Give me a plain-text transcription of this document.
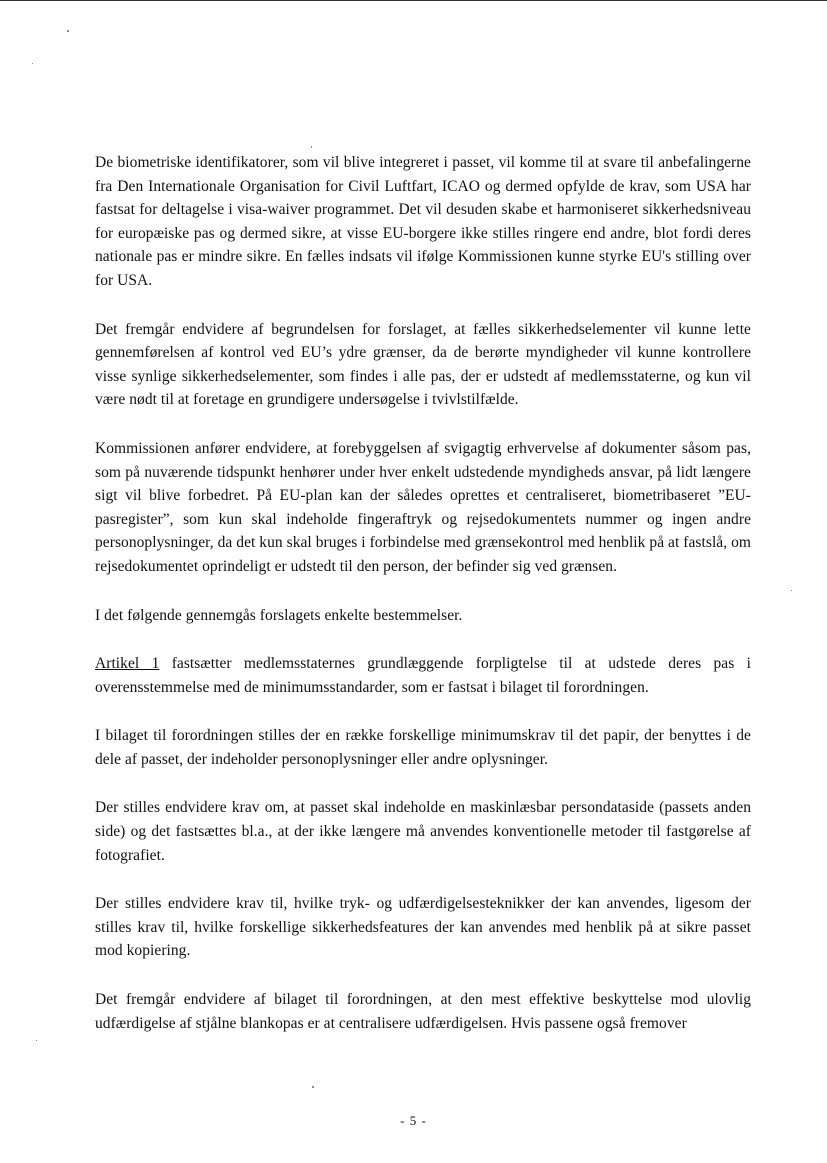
De biometriske identifikatorer, som vil blive integreret i passet, vil komme til at svare til anbefalingerne fra Den Internationale Organisation for Civil Luftfart, ICAO og dermed opfylde de krav, som USA har fastsat for deltagelse i visa-waiver programmet. Det vil desuden skabe et harmoniseret sikkerhedsniveau for europæiske pas og dermed sikre, at visse EU-borgere ikke stilles ringere end andre, blot fordi deres nationale pas er mindre sikre. En fælles indsats vil ifølge Kommissionen kunne styrke EU's stilling over for USA.

Det fremgår endvidere af begrundelsen for forslaget, at fælles sikkerhedselementer vil kunne lette gennemførelsen af kontrol ved EU’s ydre grænser, da de berørte myndigheder vil kunne kontrollere visse synlige sikkerhedselementer, som findes i alle pas, der er udstedt af medlemsstaterne, og kun vil være nødt til at foretage en grundigere undersøgelse i tvivlstilfælde.

Kommissionen anfører endvidere, at forebyggelsen af svigagtig erhvervelse af dokumenter såsom pas, som på nuværende tidspunkt henhører under hver enkelt udstedende myndigheds ansvar, på lidt længere sigt vil blive forbedret. På EU-plan kan der således oprettes et centraliseret, biometribaseret ”EU-pasregister”, som kun skal indeholde fingeraftryk og rejsedokumentets nummer og ingen andre personoplysninger, da det kun skal bruges i forbindelse med grænsekontrol med henblik på at fastslå, om rejsedokumentet oprindeligt er udstedt til den person, der befinder sig ved grænsen.

I det følgende gennemgås forslagets enkelte bestemmelser.

Artikel 1 fastsætter medlemsstaternes grundlæggende forpligtelse til at udstede deres pas i overensstemmelse med de minimumsstandarder, som er fastsat i bilaget til forordningen.

I bilaget til forordningen stilles der en række forskellige minimumskrav til det papir, der benyttes i de dele af passet, der indeholder personoplysninger eller andre oplysninger.

Der stilles endvidere krav om, at passet skal indeholde en maskinlæsbar persondataside (passets anden side) og det fastsættes bl.a., at der ikke længere må anvendes konventionelle metoder til fastgørelse af fotografiet.

Der stilles endvidere krav til, hvilke tryk- og udfærdigelsesteknikker der kan anvendes, ligesom der stilles krav til, hvilke forskellige sikkerhedsfeatures der kan anvendes med henblik på at sikre passet mod kopiering.

Det fremgår endvidere af bilaget til forordningen, at den mest effektive beskyttelse mod ulovlig udfærdigelse af stjålne blankopas er at centralisere udfærdigelsen. Hvis passene også fremover

- 5 -
